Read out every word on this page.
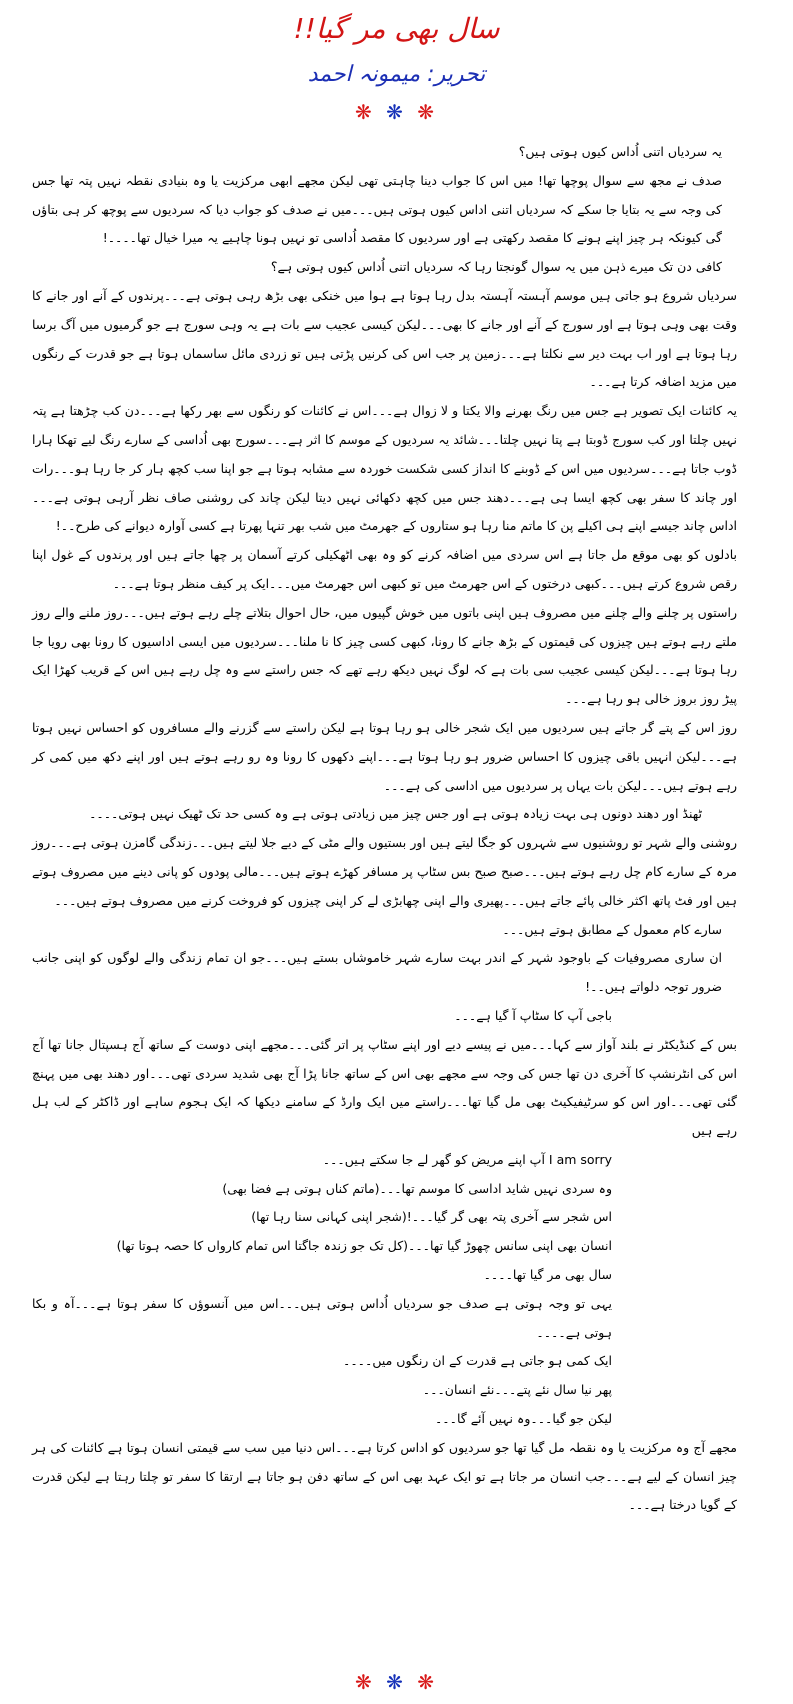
سال بھی مر گیا!!
تحریر: میمونہ احمد
❋ ❋ ❋

یہ سردیاں اتنی اُداس کیوں ہوتی ہیں؟

صدف نے مجھ سے سوال پوچھا تھا! میں اس کا جواب دینا چاہتی تھی لیکن مجھے ابھی مرکزیت یا وہ بنیادی نقطہ نہیں پتہ تھا جس کی وجہ سے یہ بتایا جا سکے کہ سردیاں اتنی اداس کیوں ہوتی ہیں۔۔۔میں نے صدف کو جواب دیا کہ سردیوں سے پوچھ کر ہی بتاؤں گی کیونکہ ہر چیز اپنے ہونے کا مقصد رکھتی ہے اور سردیوں کا مقصد اُداسی تو نہیں ہونا چاہیے یہ میرا خیال تھا۔۔۔۔!

کافی دن تک میرے ذہن میں یہ سوال گونجتا رہا کہ سردیاں اتنی اُداس کیوں ہوتی ہے؟

سردیاں شروع ہو جاتی ہیں موسم آہستہ آہستہ بدل رہا ہوتا ہے ہوا میں خنکی بھی بڑھ رہی ہوتی ہے۔۔۔پرندوں کے آنے اور جانے کا وقت بھی وہی ہوتا ہے اور سورج کے آنے اور جانے کا بھی۔۔۔لیکن کیسی عجیب سے بات ہے یہ وہی سورج ہے جو گرمیوں میں آگ برسا رہا ہوتا ہے اور اب بہت دیر سے نکلتا ہے۔۔۔زمین پر جب اس کی کرنیں پڑتی ہیں تو زردی مائل ساسماں ہوتا ہے جو قدرت کے رنگوں میں مزید اضافہ کرتا ہے۔۔۔

یہ کائنات ایک تصویر ہے جس میں رنگ بھرنے والا یکتا و لا زوال ہے۔۔۔اس نے کائنات کو رنگوں سے بھر رکھا ہے۔۔۔دن کب چڑھتا ہے پتہ نہیں چلتا اور کب سورج ڈوبتا ہے پتا نہیں چلتا۔۔۔شائد یہ سردیوں کے موسم کا اثر ہے۔۔۔سورج بھی اُداسی کے سارے رنگ لیے تھکا ہارا ڈوب جاتا ہے۔۔۔سردیوں میں اس کے ڈوبنے کا انداز کسی شکست خوردہ سے مشابہ ہوتا ہے جو اپنا سب کچھ ہار کر جا رہا ہو۔۔۔رات اور چاند کا سفر بھی کچھ ایسا ہی ہے۔۔۔دھند جس میں کچھ دکھائی نہیں دیتا لیکن چاند کی روشنی صاف نظر آرہی ہوتی ہے۔۔۔اداس چاند جیسے اپنے ہی اکیلے پن کا ماتم منا رہا ہو ستاروں کے جھرمٹ میں شب بھر تنہا پھرتا ہے کسی آوارہ دیوانے کی طرح۔۔!

بادلوں کو بھی موقع مل جاتا ہے اس سردی میں اضافہ کرنے کو وہ بھی اٹھکیلی کرتے آسمان پر چھا جاتے ہیں اور پرندوں کے غول اپنا رقص شروع کرتے ہیں۔۔۔کبھی درختوں کے اس جھرمٹ میں تو کبھی اس جھرمٹ میں۔۔۔ایک پر کیف منظر ہوتا ہے۔۔۔

راستوں پر چلنے والے چلنے میں مصروف ہیں اپنی باتوں میں خوش گپیوں میں، حال احوال بتلاتے چلے رہے ہوتے ہیں۔۔۔روز ملنے والے روز ملتے رہے ہوتے ہیں چیزوں کی قیمتوں کے بڑھ جانے کا رونا، کبھی کسی چیز کا نا ملنا۔۔۔سردیوں میں ایسی اداسیوں کا رونا بھی رویا جا رہا ہوتا ہے۔۔۔لیکن کیسی عجیب سی بات ہے کہ لوگ نہیں دیکھ رہے تھے کہ جس راستے سے وہ چل رہے ہیں اس کے قریب کھڑا ایک پیڑ روز بروز خالی ہو رہا ہے۔۔۔

روز اس کے پتے گر جاتے ہیں سردیوں میں ایک شجر خالی ہو رہا ہوتا ہے لیکن راستے سے گزرنے والے مسافروں کو احساس نہیں ہوتا ہے۔۔۔لیکن انہیں باقی چیزوں کا احساس ضرور ہو رہا ہوتا ہے۔۔۔اپنے دکھوں کا رونا وہ رو رہے ہوتے ہیں اور اپنے دکھ میں کمی کر رہے ہوتے ہیں۔۔۔لیکن بات یہاں پر سردیوں میں اداسی کی ہے۔۔۔

ٹھنڈ اور دھند دونوں ہی بہت زیادہ ہوتی ہے اور جس چیز میں زیادتی ہوتی ہے وہ کسی حد تک ٹھیک نہیں ہوتی۔۔۔۔

روشنی والے شہر تو روشنیوں سے شہروں کو جگا لیتے ہیں اور بستیوں والے مٹی کے دیے جلا لیتے ہیں۔۔۔زندگی گامزن ہوتی ہے۔۔۔روز مرہ کے سارے کام چل رہے ہوتے ہیں۔۔۔صبح صبح بس سٹاپ پر مسافر کھڑے ہوتے ہیں۔۔۔مالی پودوں کو پانی دینے میں مصروف ہوتے ہیں اور فٹ پاتھ اکثر خالی پائے جاتے ہیں۔۔۔پھیری والے اپنی چھابڑی لے کر اپنی چیزوں کو فروخت کرنے میں مصروف ہوتے ہیں۔۔۔

سارے کام معمول کے مطابق ہوتے ہیں۔۔۔

ان ساری مصروفیات کے باوجود شہر کے اندر بہت سارے شہر خاموشاں بستے ہیں۔۔۔جو ان تمام زندگی والے لوگوں کو اپنی جانب ضرور توجہ دلواتے ہیں۔۔!

باجی آپ کا سٹاپ آ گیا ہے۔۔۔

بس کے کنڈیکٹر نے بلند آواز سے کہا۔۔۔میں نے پیسے دیے اور اپنے سٹاپ پر اتر گئی۔۔۔مجھے اپنی دوست کے ساتھ آج ہسپتال جانا تھا آج اس کی انٹرنشپ کا آخری دن تھا جس کی وجہ سے مجھے بھی اس کے ساتھ جانا پڑا آج بھی شدید سردی تھی۔۔۔اور دھند بھی میں پہنچ گئی تھی۔۔۔اور اس کو سرٹیفیکیٹ بھی مل گیا تھا۔۔۔راستے میں ایک وارڈ کے سامنے دیکھا کہ ایک ہجوم ساہے اور ڈاکٹر کے لب ہل رہے ہیں

I am sorry آپ اپنے مریض کو گھر لے جا سکتے ہیں۔۔۔

وہ سردی نہیں شاید اداسی کا موسم تھا۔۔۔(ماتم کناں ہوتی ہے فضا بھی)

اس شجر سے آخری پتہ بھی گر گیا۔۔۔!(شجر اپنی کہانی سنا رہا تھا)

انسان بھی اپنی سانس چھوڑ گیا تھا۔۔۔(کل تک جو زندہ جاگتا اس تمام کارواں کا حصہ ہوتا تھا)

سال بھی مر گیا تھا۔۔۔۔

یہی تو وجہ ہوتی ہے صدف جو سردیاں اُداس ہوتی ہیں۔۔۔اس میں آنسوؤں کا سفر ہوتا ہے۔۔۔آہ و بکا ہوتی ہے۔۔۔۔

ایک کمی ہو جاتی ہے قدرت کے ان رنگوں میں۔۔۔۔

پھر نیا سال نئے پتے۔۔۔نئے انسان۔۔۔

لیکن جو گیا۔۔۔وہ نہیں آئے گا۔۔۔

مجھے آج وہ مرکزیت یا وہ نقطہ مل گیا تھا جو سردیوں کو اداس کرتا ہے۔۔۔اس دنیا میں سب سے قیمتی انسان ہوتا ہے کائنات کی ہر چیز انسان کے لیے ہے۔۔۔جب انسان مر جاتا ہے تو ایک عہد بھی اس کے ساتھ دفن ہو جاتا ہے ارتقا کا سفر تو چلتا رہتا ہے لیکن قدرت کے گویا درختا ہے۔۔۔

❋ ❋ ❋
